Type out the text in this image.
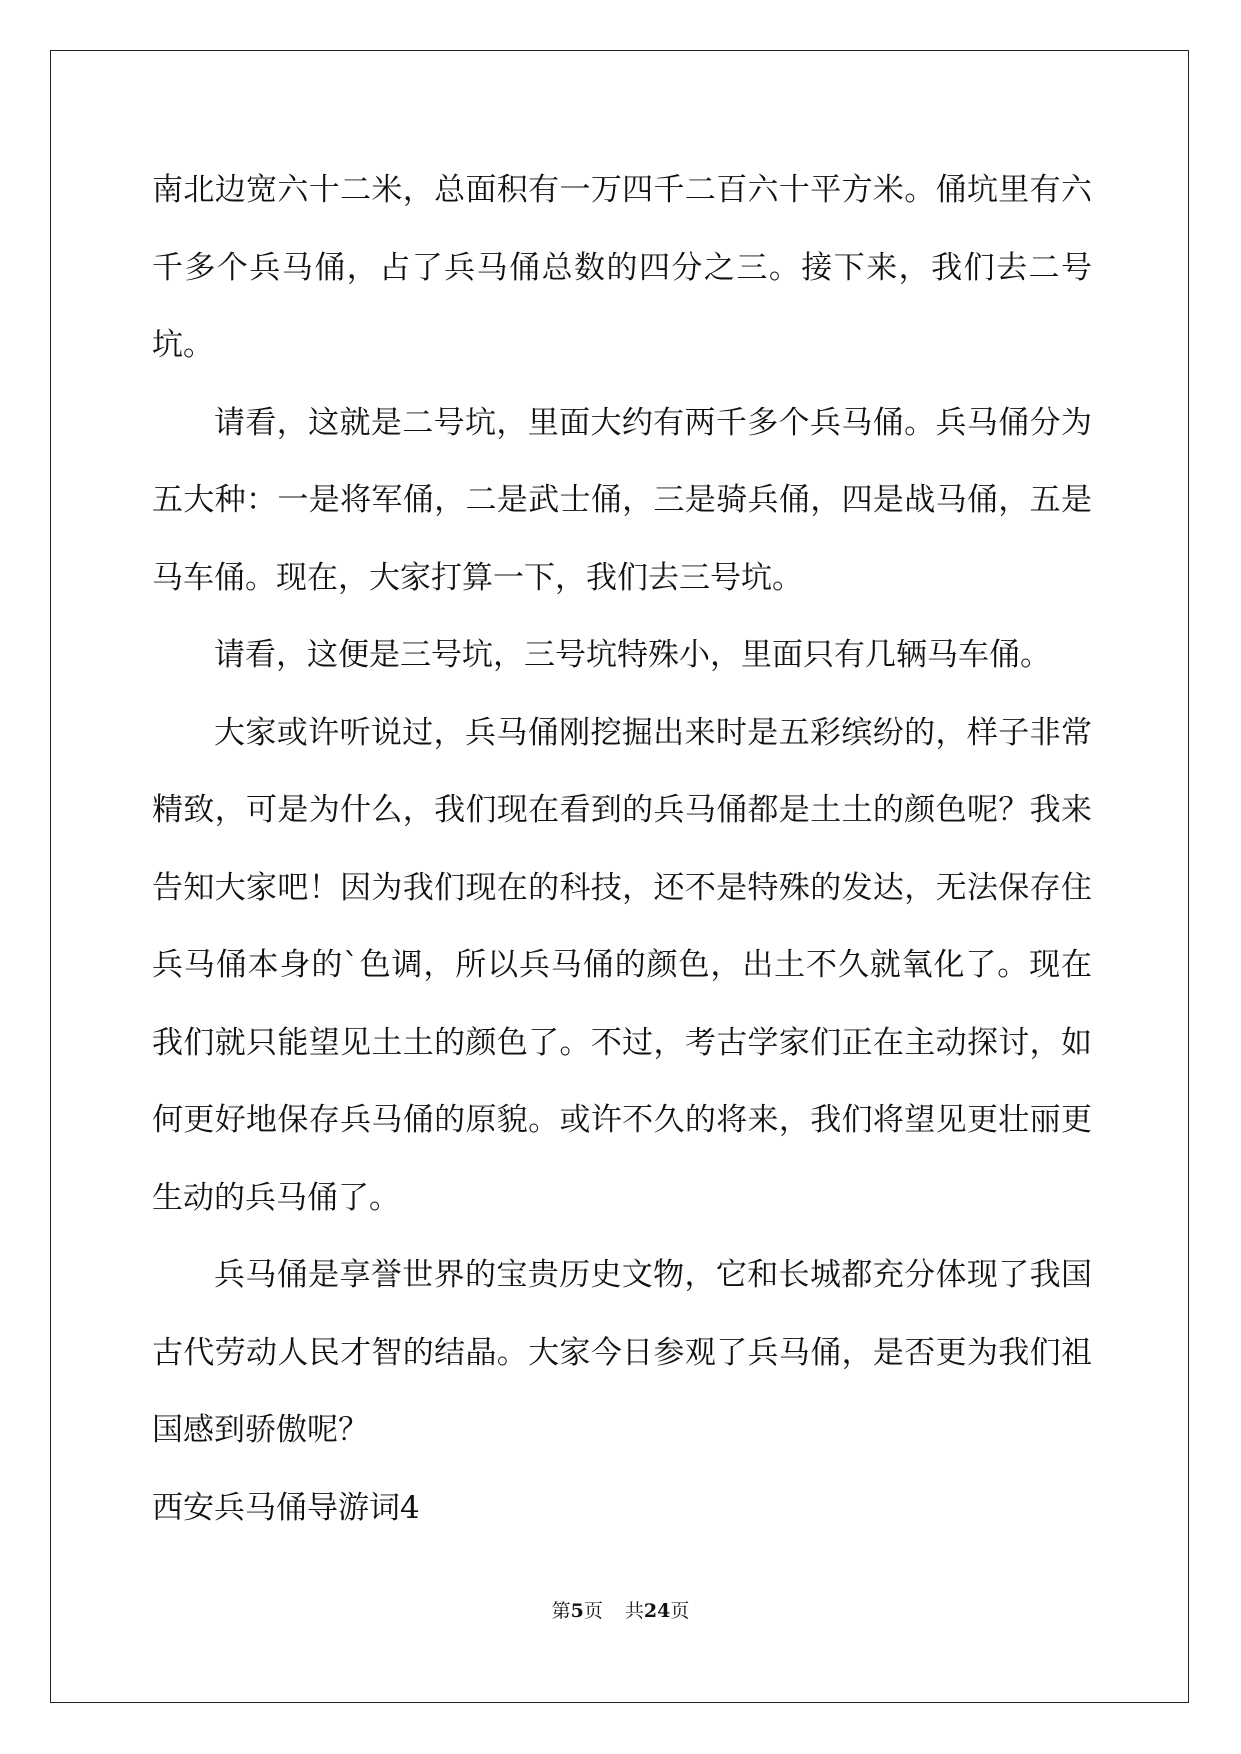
南北边宽六十二米，总面积有一万四千二百六十平方米。俑坑里有六千多个兵马俑，占了兵马俑总数的四分之三。接下来，我们去二号坑。

请看，这就是二号坑，里面大约有两千多个兵马俑。兵马俑分为五大种：一是将军俑，二是武士俑，三是骑兵俑，四是战马俑，五是马车俑。现在，大家打算一下，我们去三号坑。

请看，这便是三号坑，三号坑特殊小，里面只有几辆马车俑。

大家或许听说过，兵马俑刚挖掘出来时是五彩缤纷的，样子非常精致，可是为什么，我们现在看到的兵马俑都是土土的颜色呢？我来告知大家吧！因为我们现在的科技，还不是特殊的发达，无法保存住兵马俑本身的`色调，所以兵马俑的颜色，出土不久就氧化了。现在我们就只能望见土土的颜色了。不过，考古学家们正在主动探讨，如何更好地保存兵马俑的原貌。或许不久的将来，我们将望见更壮丽更生动的兵马俑了。

兵马俑是享誉世界的宝贵历史文物，它和长城都充分体现了我国古代劳动人民才智的结晶。大家今日参观了兵马俑，是否更为我们祖国感到骄傲呢？

西安兵马俑导游词4

第5页 共24页
